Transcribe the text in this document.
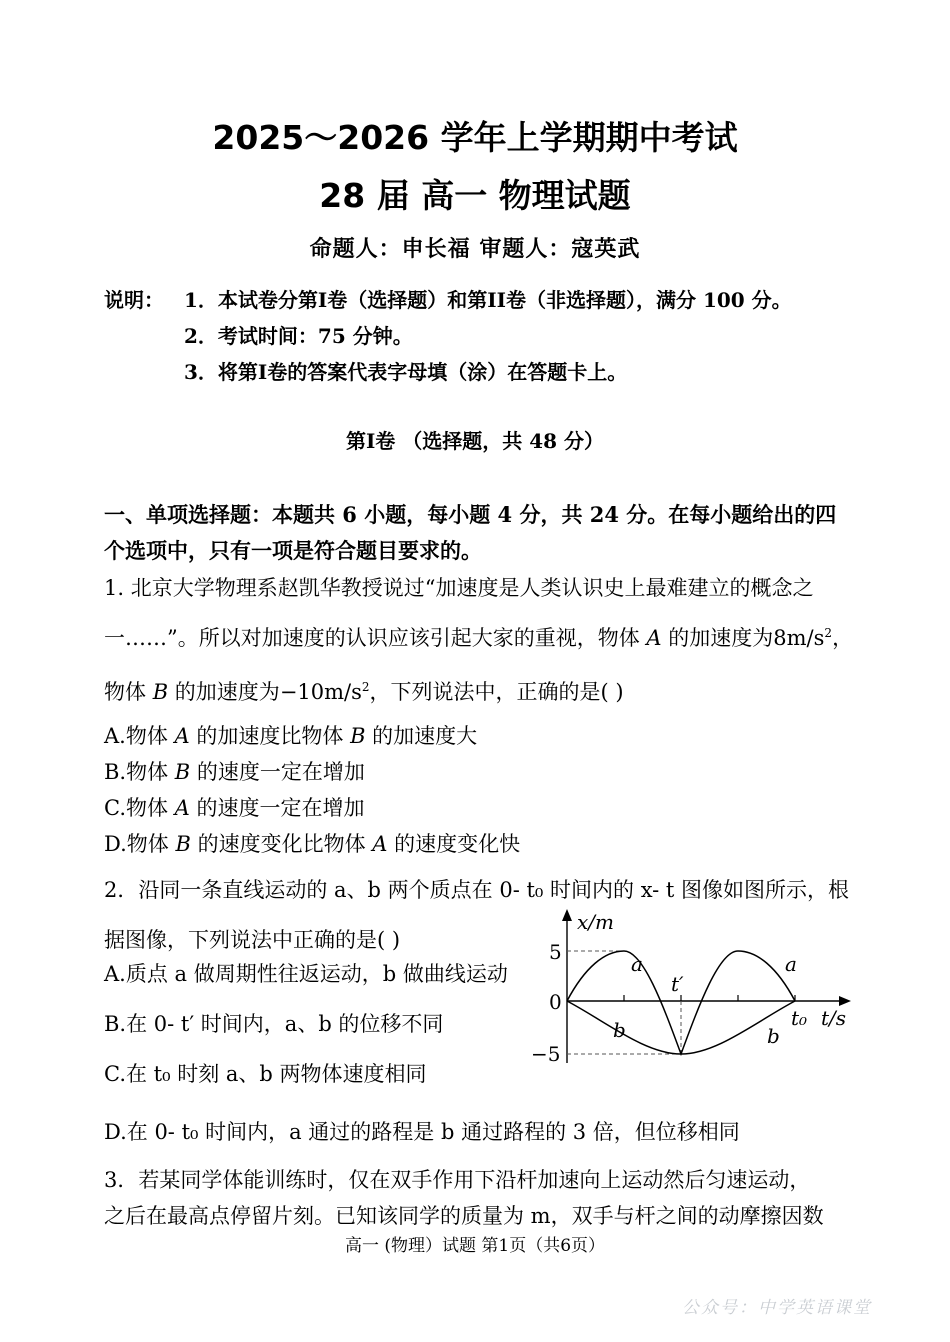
2025～2026 学年上学期期中考试
28 届 高一 物理试题
命题人：申长福 审题人：寇英武
说明： 1．本试卷分第I卷（选择题）和第II卷（非选择题），满分 100 分。
2．考试时间：75 分钟。
3．将第I卷的答案代表字母填（涂）在答题卡上。
第I卷 （选择题，共 48 分）
一、单项选择题：本题共 6 小题，每小题 4 分，共 24 分。在每小题给出的四
个选项中，只有一项是符合题目要求的。
1. 北京大学物理系赵凯华教授说过“加速度是人类认识史上最难建立的概念之
一……”。所以对加速度的认识应该引起大家的重视，物体 A 的加速度为$8m/s^2$，
物体 B 的加速度为$-10m/s^2$，下列说法中，正确的是( )
A.物体 A 的加速度比物体 B 的加速度大
B.物体 B 的速度一定在增加
C.物体 A 的速度一定在增加
D.物体 B 的速度变化比物体 A 的速度变化快
2．沿同一条直线运动的 a、b 两个质点在 0- t₀ 时间内的 x- t 图像如图所示，根
据图像，下列说法中正确的是( )
A.质点 a 做周期性往返运动，b 做曲线运动
B.在 0- t′ 时间内，a、b 的位移不同
C.在 t₀ 时刻 a、b 两物体速度相同
D.在 0- t₀ 时间内，a 通过的路程是 b 通过路程的 3 倍，但位移相同
x/m
5
0
−5
t′
t₀ t/s
a	a
b	b
3．若某同学体能训练时，仅在双手作用下沿杆加速向上运动然后匀速运动，
之后在最高点停留片刻。已知该同学的质量为 m，双手与杆之间的动摩擦因数
高一 (物理）试题 第1页（共6页）
公众号：中学英语课堂
